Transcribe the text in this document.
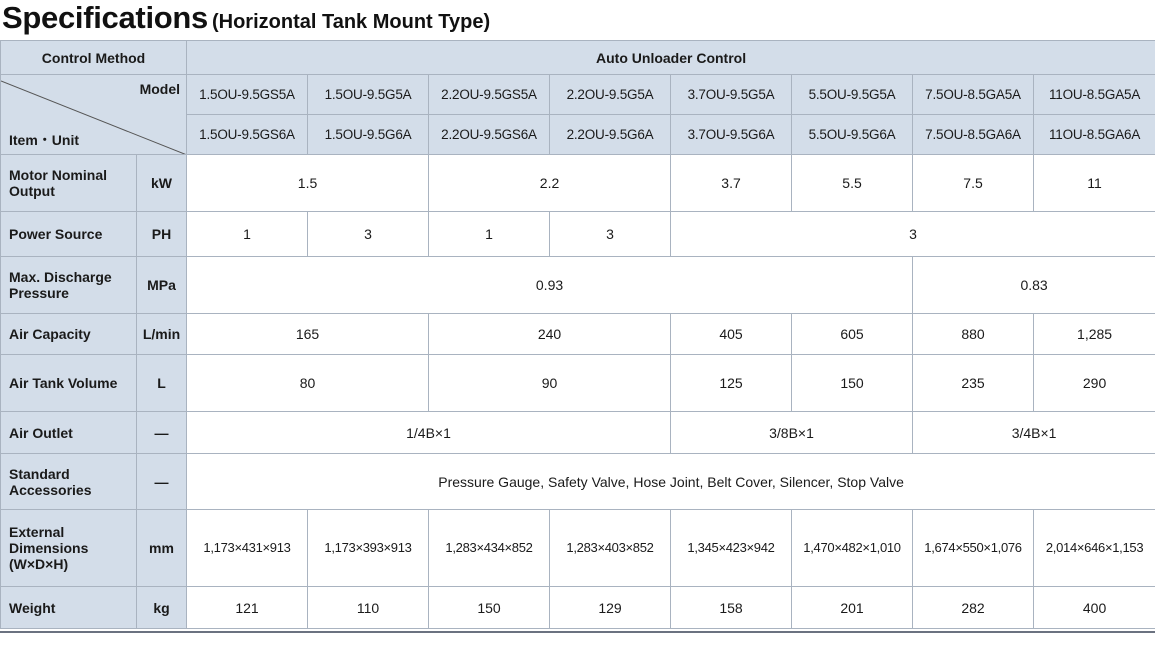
Specifications (Horizontal Tank Mount Type)
Control Method		Auto Unloader Control							

Model
Item・Unit		1.5OU-9.5GS5A	1.5OU-9.5G5A	2.2OU-9.5GS5A	2.2OU-9.5G5A	3.7OU-9.5G5A	5.5OU-9.5G5A	7.5OU-8.5GA5A	11OU-8.5GA5A
		1.5OU-9.5GS6A	1.5OU-9.5G6A	2.2OU-9.5GS6A	2.2OU-9.5G6A	3.7OU-9.5G6A	5.5OU-9.5G6A	7.5OU-8.5GA6A	11OU-8.5GA6A
Motor Nominal Output	kW	1.5		2.2		3.7	5.5	7.5	11
Power Source	PH	1	3	1	3	3			
Max. Discharge Pressure	MPa	0.93						0.83	
Air Capacity	L/min	165		240		405	605	880	1,285
Air Tank Volume	L	80		90		125	150	235	290
Air Outlet	—	1/4B×1				3/8B×1		3/4B×1	
Standard Accessories	—	Pressure Gauge, Safety Valve, Hose Joint, Belt Cover, Silencer, Stop Valve							
External Dimensions (W×D×H)	mm	1,173×431×913	1,173×393×913	1,283×434×852	1,283×403×852	1,345×423×942	1,470×482×1,010	1,674×550×1,076	2,014×646×1,153
Weight	kg	121	110	150	129	158	201	282	400
